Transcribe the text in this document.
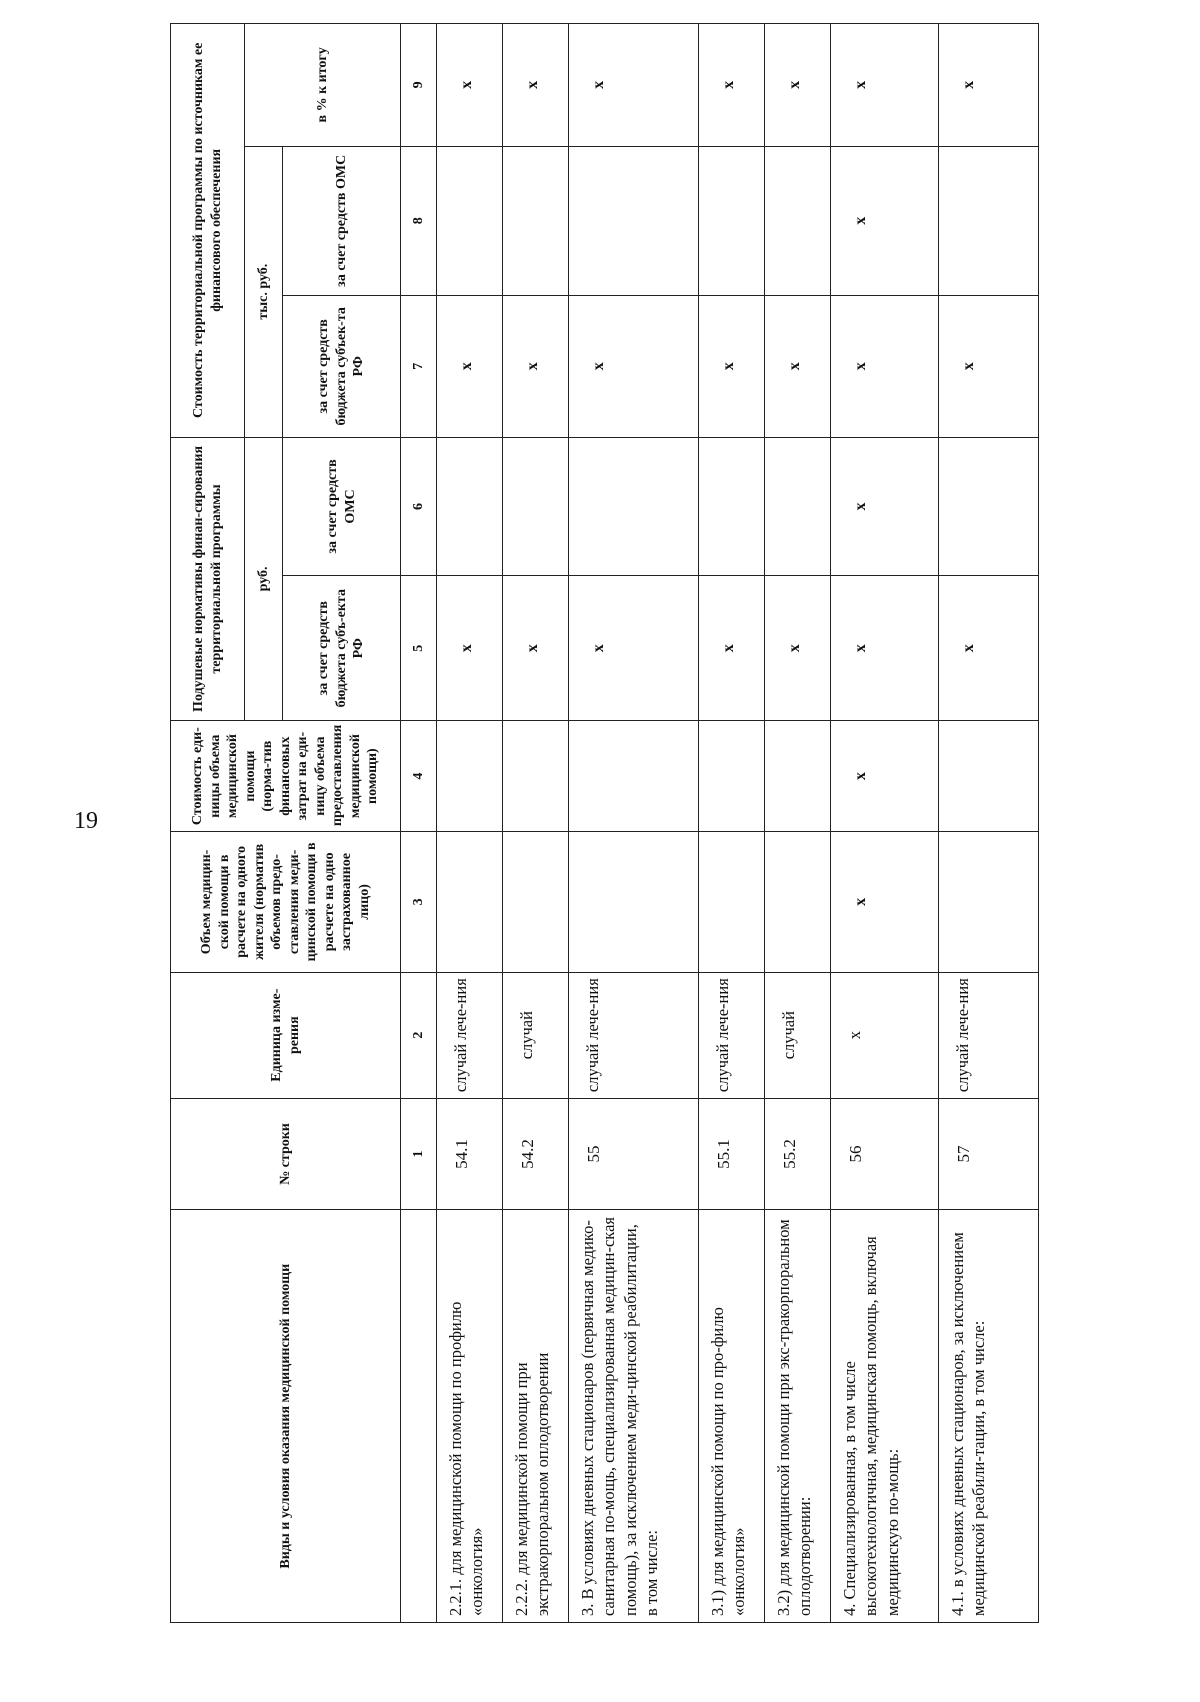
19
Виды и условия оказания медицинской помощи	№ строки	Единица изме-рения	Объем медицин-ской помощи в расчете на одного жителя (норматив объемов предо-ставления меди-цинской помощи в расчете на одно застрахованное лицо)	Стоимость еди-ницы объема медицинской помощи (норма-тив финансовых затрат на еди-ницу объема предоставления медицинской помощи)	Подушевые нормативы финан-сирования территориальной программы		Стоимость территориальной программы по источникам ее финансового обеспечения		
					руб.		тыс. руб.		в % к итогу
					за счет средств бюджета субъ-екта РФ	за счет средств ОМС	за счет средств бюджета субъек-та РФ	за счет средств ОМС	
	1	2	3	4	5	6	7	8	9
2.2.1. для медицинской помощи по профилю «онкология»	54.1	случай лече-ния			х		х		х
2.2.2. для медицинской помощи при экстракорпоральном оплодотворении	54.2	случай			х		х		х
3. В условиях дневных стационаров (первичная медико-санитарная по-мощь, специализированная медицин-ская помощь), за исключением меди-цинской реабилитации, в том числе:	55	случай лече-ния			х		х		х
3.1) для медицинской помощи по про-филю «онкология»	55.1	случай лече-ния			х		х		х
3.2) для медицинской помощи при экс-тракорпоральном оплодотворении:	55.2	случай			х		х		х
4. Специализированная, в том числе высокотехнологичная, медицинская помощь, включая медицинскую по-мощь:	56	х	х	х	х	х	х	х	х
4.1. в условиях дневных стационаров, за исключением медицинской реабили-тации, в том числе:	57	случай лече-ния			х		х		х
